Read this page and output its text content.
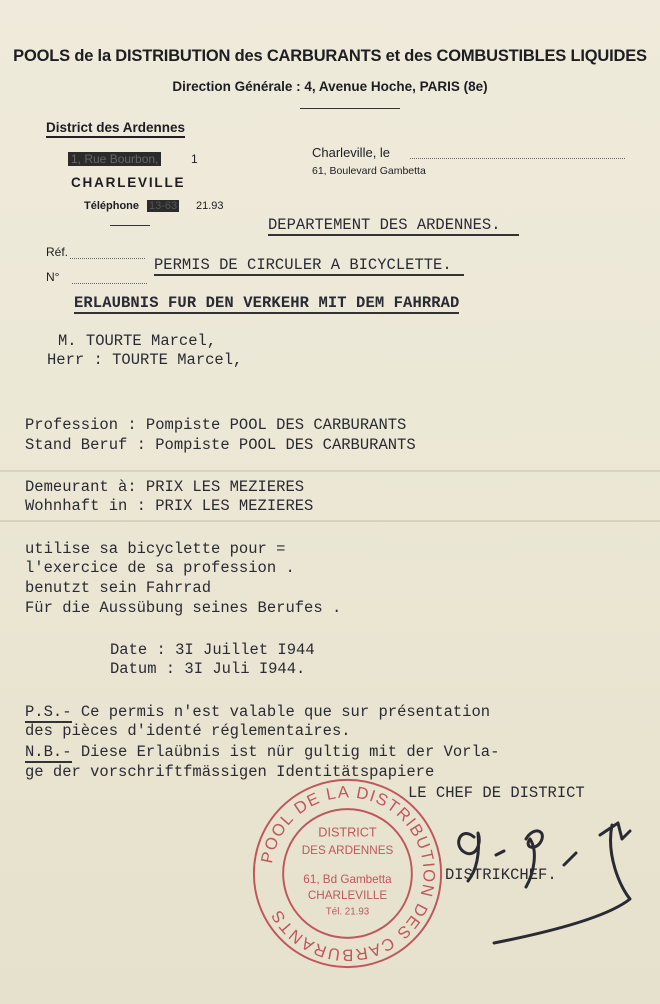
POOLS de la DISTRIBUTION des CARBURANTS et des COMBUSTIBLES LIQUIDES
Direction Générale : 4, Avenue Hoche, PARIS (8e)
District des Ardennes
1, Rue Bourbon,	1
CHARLEVILLE
Téléphone 13-63 21.93
Charleville, le
61, Boulevard Gambetta
DEPARTEMENT DES ARDENNES.
Réf.
N°
PERMIS DE CIRCULER A BICYCLETTE.
ERLAUBNIS FUR DEN VERKEHR MIT DEM FAHRRAD
M. TOURTE Marcel,
Herr : TOURTE Marcel,
Profession : Pompiste POOL DES CARBURANTS
Stand Beruf : Pompiste POOL DES CARBURANTS
Demeurant à: PRIX LES MEZIERES
Wohnhaft in : PRIX LES MEZIERES
utilise sa bicyclette pour =
l'exercice de sa profession .
benutzt sein Fahrrad
Für die Aussübung seines Berufes .
Date : 3I Juillet I944
Datum : 3I Juli I944.
P.S.- Ce permis n'est valable que sur présentation
des pièces d'identé réglementaires.
N.B.- Diese Erlaübnis ist nür gultig mit der Vorla-
ge der vorschriftfmässigen Identitätspapiere
LE CHEF DE DISTRICT
DISTRIKCHEF.
POOL DE LA DISTRIBUTION DES CARBURANTS
DISTRICT
DES ARDENNES
61, Bd Gambetta
CHARLEVILLE
Tél. 21.93
